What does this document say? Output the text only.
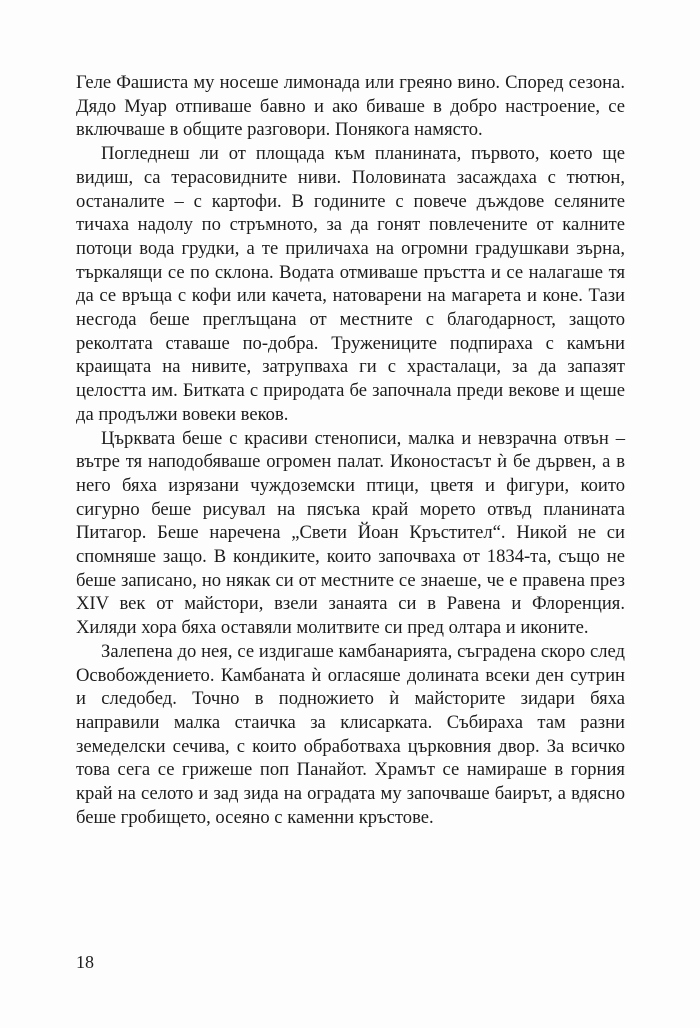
Геле Фашиста му носеше лимонада или греяно вино. Според сезона. Дядо Муар отпиваше бавно и ако биваше в добро настроение, се включваше в общите разговори. Понякога намясто.

Погледнеш ли от площада към планината, първото, което ще видиш, са терасовидните ниви. Половината засаждаха с тютюн, останалите – с картофи. В годините с повече дъждове селяните тичаха надолу по стръмното, за да гонят повлечените от калните потоци вода грудки, а те приличаха на огромни градушкави зърна, търкалящи се по склона. Водата отмиваше пръстта и се налагаше тя да се връща с кофи или качета, натоварени на магарета и коне. Тази несгода беше преглъщана от местните с благодарност, защото реколтата ставаше по-добра. Тружениците подпираха с камъни краищата на нивите, затрупваха ги с храсталаци, за да запазят целостта им. Битката с природата бе започнала преди векове и щеше да продължи вовеки веков.

Църквата беше с красиви стенописи, малка и невзрачна отвън – вътре тя наподобяваше огромен палат. Иконостасът ѝ бе дървен, а в него бяха изрязани чуждоземски птици, цветя и фигури, които сигурно беше рисувал на пясъка край морето отвъд планината Питагор. Беше наречена „Свети Йоан Кръстител“. Никой не си спомняше защо. В кондиките, които започваха от 1834-та, също не беше записано, но някак си от местните се знаеше, че е правена през XIV век от майстори, взели занаята си в Равена и Флоренция. Хиляди хора бяха оставяли молитвите си пред олтара и иконите.

Залепена до нея, се издигаше камбанарията, съградена скоро след Освобождението. Камбаната ѝ огласяше долината всеки ден сутрин и следобед. Точно в подножието ѝ майсторите зидари бяха направили малка стаичка за клисарката. Събираха там разни земеделски сечива, с които обработваха църковния двор. За всичко това сега се грижеше поп Панайот. Храмът се намираше в горния край на селото и зад зида на оградата му започваше баирът, а вдясно беше гробището, осеяно с каменни кръстове.

18
